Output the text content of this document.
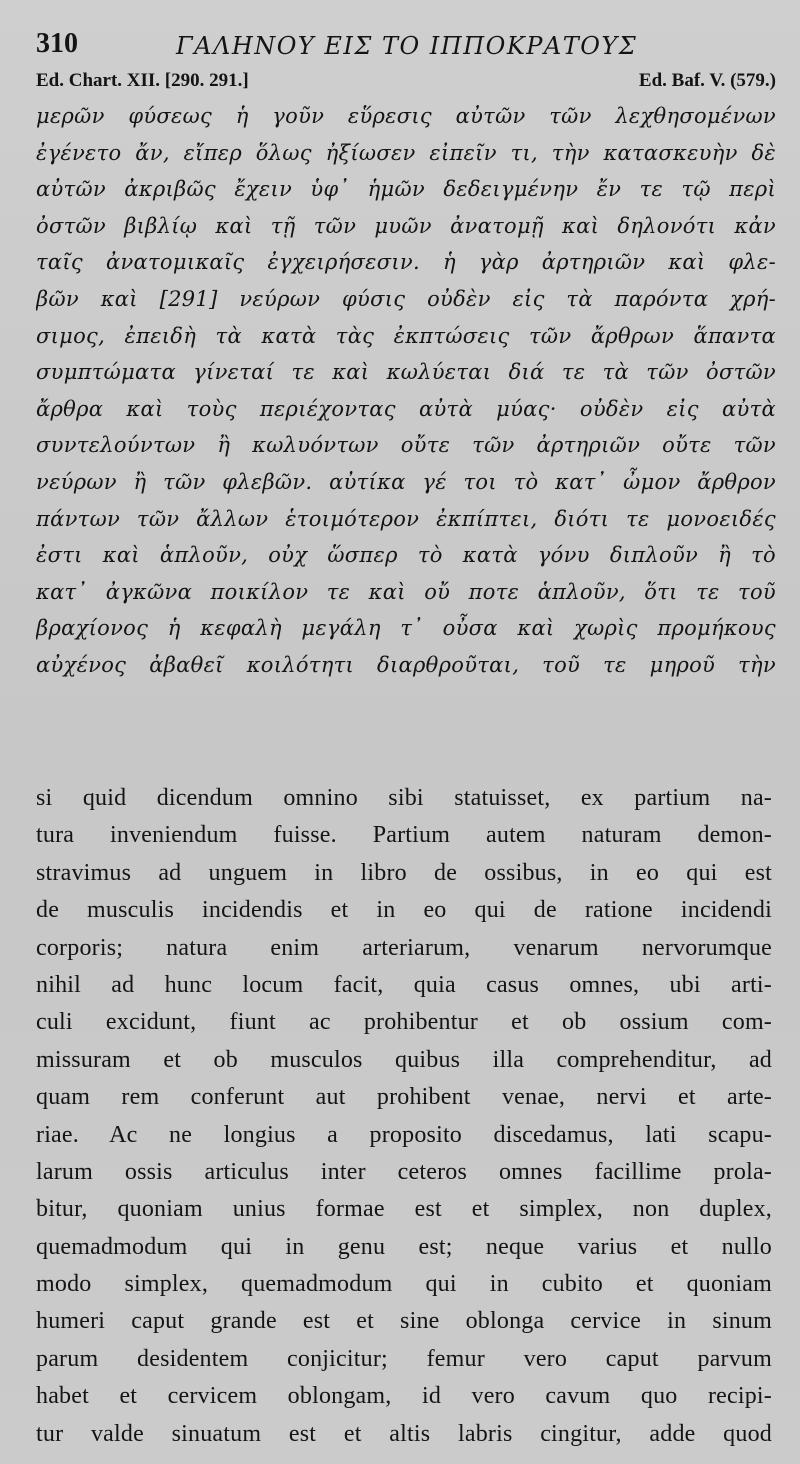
310	ΓΑΛΗΝΟΥ ΕΙΣ ΤΟ ΙΠΠΟΚΡΑΤΟΥΣ
Ed. Chart. XII. [290. 291.]	Ed. Baf. V. (579.)
μερῶν φύσεως ἡ γοῦν εὕρεσις αὐτῶν τῶν λεχθησομένων
ἐγένετο ἄν, εἴπερ ὅλως ἠξίωσεν εἰπεῖν τι, τὴν κατασκευὴν δὲ
αὐτῶν ἀκριβῶς ἔχειν ὑφ᾿ ἡμῶν δεδειγμένην ἔν τε τῷ περὶ
ὀστῶν βιβλίῳ καὶ τῇ τῶν μυῶν ἀνατομῇ καὶ δηλονότι κἀν
ταῖς ἀνατομικαῖς ἐγχειρήσεσιν. ἡ γὰρ ἀρτηριῶν καὶ φλε-
βῶν καὶ [291] νεύρων φύσις οὐδὲν εἰς τὰ παρόντα χρή-
σιμος, ἐπειδὴ τὰ κατὰ τὰς ἐκπτώσεις τῶν ἄρθρων ἅπαντα
συμπτώματα γίνεταί τε καὶ κωλύεται διά τε τὰ τῶν ὀστῶν
ἄρθρα καὶ τοὺς περιέχοντας αὐτὰ μύας· οὐδὲν εἰς αὐτὰ
συντελούντων ἢ κωλυόντων οὔτε τῶν ἀρτηριῶν οὔτε τῶν
νεύρων ἢ τῶν φλεβῶν. αὐτίκα γέ τοι τὸ κατ᾿ ὦμον ἄρθρον
πάντων τῶν ἄλλων ἑτοιμότερον ἐκπίπτει, διότι τε μονοειδές
ἐστι καὶ ἁπλοῦν, οὐχ ὥσπερ τὸ κατὰ γόνυ διπλοῦν ἢ τὸ
κατ᾿ ἀγκῶνα ποικίλον τε καὶ οὔ ποτε ἁπλοῦν, ὅτι τε τοῦ
βραχίονος ἡ κεφαλὴ μεγάλη τ᾿ οὖσα καὶ χωρὶς προμήκους
αὐχένος ἀβαθεῖ κοιλότητι διαρθροῦται, τοῦ τε μηροῦ τὴν
si quid dicendum omnino sibi statuisset, ex partium na-
tura inveniendum fuisse. Partium autem naturam demon-
stravimus ad unguem in libro de ossibus, in eo qui est
de musculis incidendis et in eo qui de ratione incidendi
corporis; natura enim arteriarum, venarum nervorumque
nihil ad hunc locum facit, quia casus omnes, ubi arti-
culi excidunt, fiunt ac prohibentur et ob ossium com-
missuram et ob musculos quibus illa comprehenditur, ad
quam rem conferunt aut prohibent venae, nervi et arte-
riae. Ac ne longius a proposito discedamus, lati scapu-
larum ossis articulus inter ceteros omnes facillime prola-
bitur, quoniam unius formae est et simplex, non duplex,
quemadmodum qui in genu est; neque varius et nullo
modo simplex, quemadmodum qui in cubito et quoniam
humeri caput grande est et sine oblonga cervice in sinum
parum desidentem conjicitur; femur vero caput parvum
habet et cervicem oblongam, id vero cavum quo recipi-
tur valde sinuatum est et altis labris cingitur, adde quod
